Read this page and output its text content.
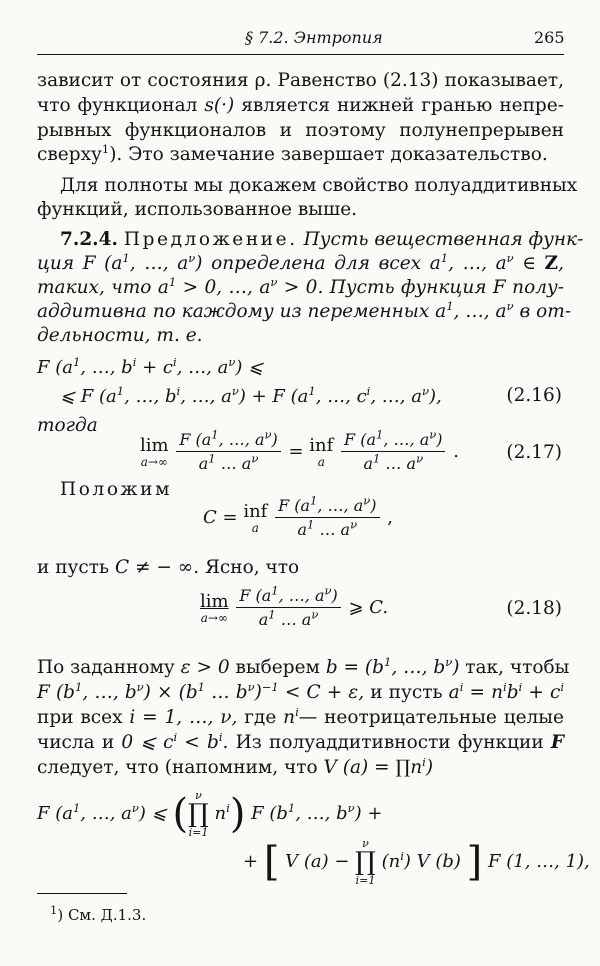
§ 7.2. Энтропия	265
зависит от состояния ρ. Равенство (2.13) показывает,
что функционал s(·) является нижней гранью непре-
рывных функционалов и поэтому полунепрерывен
сверху$^1$). Это замечание завершает доказательство.
Для полноты мы докажем свойство полуаддитивных
функций, использованное выше.
7.2.4. Предложение. Пусть вещественная функ-
ция F ($a^1$, …, $a^\nu$) определена для всех $a^1$, …, $a^\nu$ ∈ Z,
таких, что $a^1 > 0$, …, $a^\nu > 0$. Пусть функция F полу-
аддитивна по каждому из переменных $a^1$, …, $a^\nu$ в от-
дельности, т. е.
F ($a^1$, …, $b^i + c^i$, …, $a^\nu$) ⩽
⩽ F ($a^1$, …, $b^i$, …, $a^\nu) + F$ ($a^1$, …, $c^i$, …, $a^\nu$),	(2.16)
тогда
lim
a→∞
$\frac{F (a^1, \dots, a^\nu)}{a^1 \dots a^\nu}$ = inf
a
	$\frac{F (a^1, \dots, a^\nu)}{a^1 \dots a^\nu}$ .	(2.17)
Положим
C = inf
a
	$\frac{F (a^1, \dots, a^\nu)}{a^1 \dots a^\nu}$ ,
и пусть C ≠ − ∞. Ясно, что
lim
a→∞
$\frac{F (a^1, \dots, a^\nu)}{a^1 \dots a^\nu}$ ⩾ C.	(2.18)
По заданному ε > 0 выберем $b = (b^1$, …, $b^\nu$) так, чтобы
F ($b^1$, …, $b^\nu) \times (b^1$ … $b^\nu)^{-1} < C + \varepsilon$, и пусть $a^i = n^ib^i + c^i$
при всех i = 1, …, ν, где $n^i—$ неотрицательные целые
числа и 0 ⩽ $c^i < b^i$. Из полуаддитивности функции F
следует, что (напомним, что V $(a) = \prod n^i$)
F ($a^1$, …, $a^\nu$) ⩽ ( ν
∏
i=1
$n^i$) F ($b^1$, …, $b^\nu$) +
+ [ V (a) −
ν
∏
i=1
$(n^i)$ V (b) ] F (1, …, 1),
$^1$) См. Д.1.3.
